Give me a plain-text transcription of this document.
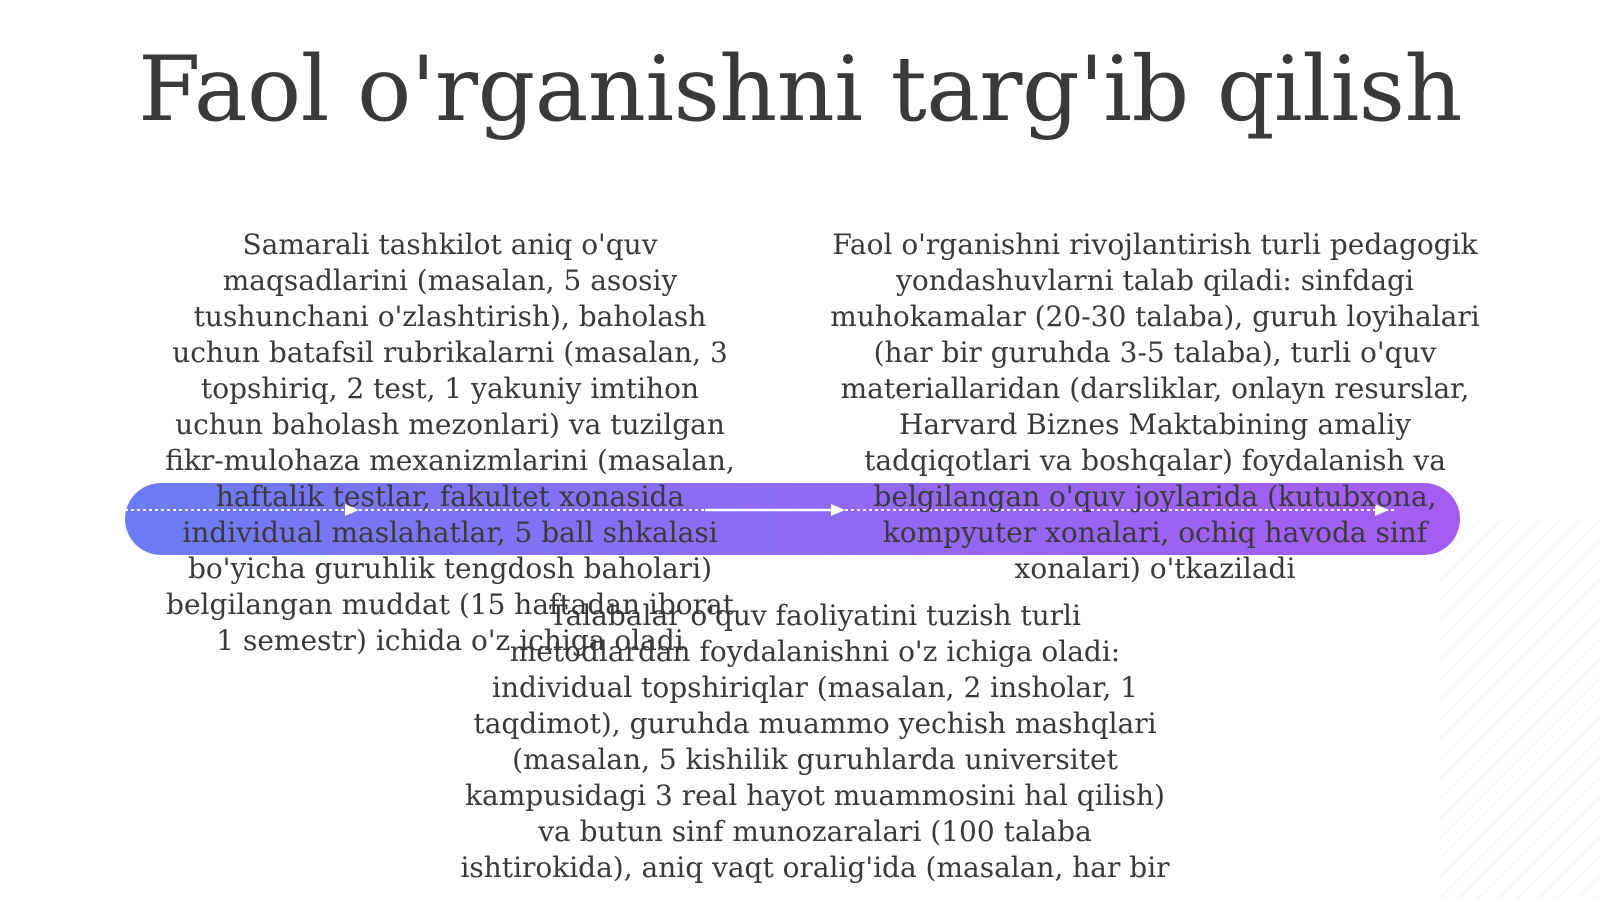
Faol o'rganishni targ'ib qilish

Samarali tashkilot aniq o'quv maqsadlarini (masalan, 5 asosiy tushunchani o'zlashtirish), baholash uchun batafsil rubrikalarni (masalan, 3 topshiriq, 2 test, 1 yakuniy imtihon uchun baholash mezonlari) va tuzilgan fikr-mulohaza mexanizmlarini (masalan, haftalik testlar, fakultet xonasida individual maslahatlar, 5 ball shkalasi bo'yicha guruhlik tengdosh baholari) belgilangan muddat (15 haftadan iborat 1 semestr) ichida o'z ichiga oladi

Faol o'rganishni rivojlantirish turli pedagogik yondashuvlarni talab qiladi: sinfdagi muhokamalar (20-30 talaba), guruh loyihalari (har bir guruhda 3-5 talaba), turli o'quv materiallaridan (darsliklar, onlayn resurslar, Harvard Biznes Maktabining amaliy tadqiqotlari va boshqalar) foydalanish va belgilangan o'quv joylarida (kutubxona, kompyuter xonalari, ochiq havoda sinf xonalari) o'tkaziladi

Talabalar o'quv faoliyatini tuzish turli metodlardan foydalanishni o'z ichiga oladi: individual topshiriqlar (masalan, 2 insholar, 1 taqdimot), guruhda muammo yechish mashqlari (masalan, 5 kishilik guruhlarda universitet kampusidagi 3 real hayot muammosini hal qilish) va butun sinf munozaralari (100 talaba ishtirokida), aniq vaqt oralig'ida (masalan, har bir
